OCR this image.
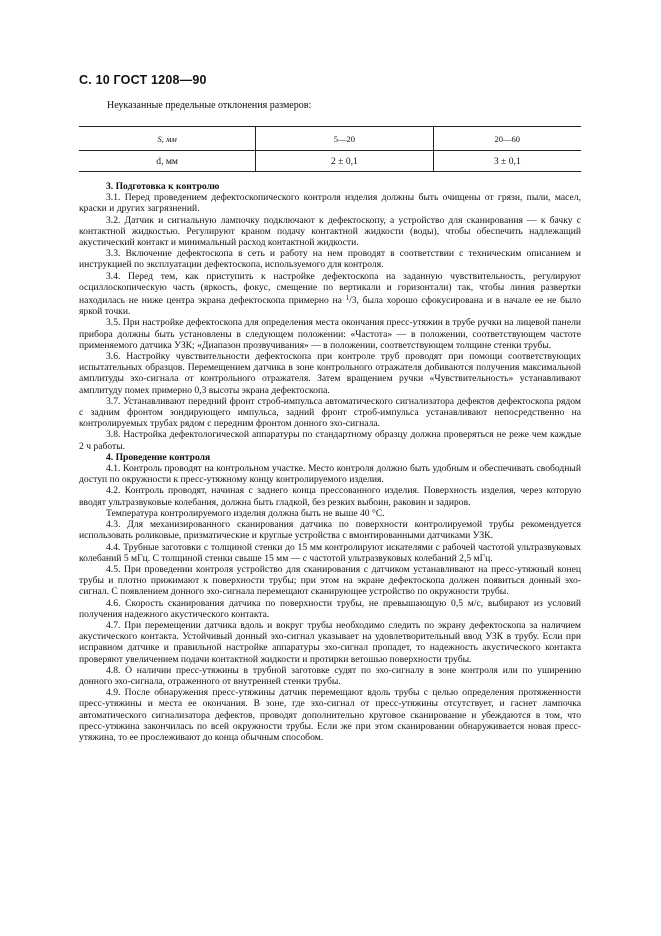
С. 10 ГОСТ 1208—90
Неуказанные предельные отклонения размеров:
S, мм	5—20	20—60
d, мм	2 ± 0,1	3 ± 0,1

3. Подготовка к контролю

3.1. Перед проведением дефектоскопического контроля изделия должны быть очищены от грязи, пыли, масел, краски и других загрязнений.

3.2. Датчик и сигнальную лампочку подключают к дефектоскопу, а устройство для сканирования — к бачку с контактной жидкостью. Регулируют краном подачу контактной жидкости (воды), чтобы обеспечить надлежащий акустический контакт и минимальный расход контактной жидкости.

3.3. Включение дефектоскопа в сеть и работу на нем проводят в соответствии с техническим описанием и инструкцией по эксплуатации дефектоскопа, используемого для контроля.

3.4. Перед тем, как приступить к настройке дефектоскопа на заданную чувствительность, регулируют осциллоскопическую часть (яркость, фокус, смещение по вертикали и горизонтали) так, чтобы линия развертки находилась не ниже центра экрана дефектоскопа примерно на $^1$/3, была хорошо сфокусирована и в начале ее не было яркой точки.

3.5. При настройке дефектоскопа для определения места окончания пресс-утяжин в трубе ручки на лицевой панели прибора должны быть установлены в следующем положении: «Частота» — в положении, соответствующем частоте применяемого датчика УЗК; «Диапазон прозвучивания» — в положении, соответствующем толщине стенки трубы.

3.6. Настройку чувствительности дефектоскопа при контроле труб проводят при помощи соответствующих испытательных образцов. Перемещением датчика в зоне контрольного отражателя добиваются получения максимальной амплитуды эхо-сигнала от контрольного отражателя. Затем вращением ручки «Чувствительность» устанавливают амплитуду помех примерно 0,3 высоты экрана дефектоскопа.

3.7. Устанавливают передний фронт строб-импульса автоматического сигнализатора дефектов дефектоскопа рядом с задним фронтом зондирующего импульса, задний фронт строб-импульса устанавливают непосредственно на контролируемых трубах рядом с передним фронтом донного эхо-сигнала.

3.8. Настройка дефектологической аппаратуры по стандартному образцу должна проверяться не реже чем каждые 2 ч работы.

4. Проведение контроля

4.1. Контроль проводят на контрольном участке. Место контроля должно быть удобным и обеспечивать свободный доступ по окружности к пресс-утяжному концу контролируемого изделия.

4.2. Контроль проводят, начиная с заднего конца прессованного изделия. Поверхность изделия, через которую вводят ультразвуковые колебания, должна быть гладкой, без резких выбоин, раковин и задиров.

Температура контролируемого изделия должна быть не выше 40 °С.

4.3. Для механизированного сканирования датчика по поверхности контролируемой трубы рекомендуется использовать роликовые, призматические и круглые устройства с вмонтированными датчиками УЗК.

4.4. Трубные заготовки с толщиной стенки до 15 мм контролируют искателями с рабочей частотой ультразвуковых колебаний 5 мГц. С толщиной стенки свыше 15 мм — с частотой ультразвуковых колебаний 2,5 мГц.

4.5. При проведении контроля устройство для сканирования с датчиком устанавливают на пресс-утяжный конец трубы и плотно прижимают к поверхности трубы; при этом на экране дефектоскопа должен появиться донный эхо-сигнал. С появлением донного эхо-сигнала перемещают сканирующее устройство по окружности трубы.

4.6. Скорость сканирования датчика по поверхности трубы, не превышающую 0,5 м/с, выбирают из условий получения надежного акустического контакта.

4.7. При перемещении датчика вдоль и вокруг трубы необходимо следить по экрану дефектоскопа за наличием акустического контакта. Устойчивый донный эхо-сигнал указывает на удовлетворительный ввод УЗК в трубу. Если при исправном датчике и правильной настройке аппаратуры эхо-сигнал пропадет, то надежность акустического контакта проверяют увеличением подачи контактной жидкости и протирки ветошью поверхности трубы.

4.8. О наличии пресс-утяжины в трубной заготовке судят по эхо-сигналу в зоне контроля или по уширению донного эхо-сигнала, отраженного от внутренней стенки трубы.

4.9. После обнаружения пресс-утяжины датчик перемещают вдоль трубы с целью определения протяженности пресс-утяжины и места ее окончания. В зоне, где эхо-сигнал от пресс-утяжины отсутствует, и гаснет лампочка автоматического сигнализатора дефектов, проводят дополнительно круговое сканирование и убеждаются в том, что пресс-утяжина закончилась по всей окружности трубы. Если же при этом сканировании обнаруживается новая пресс-утяжина, то ее прослеживают до конца обычным способом.
